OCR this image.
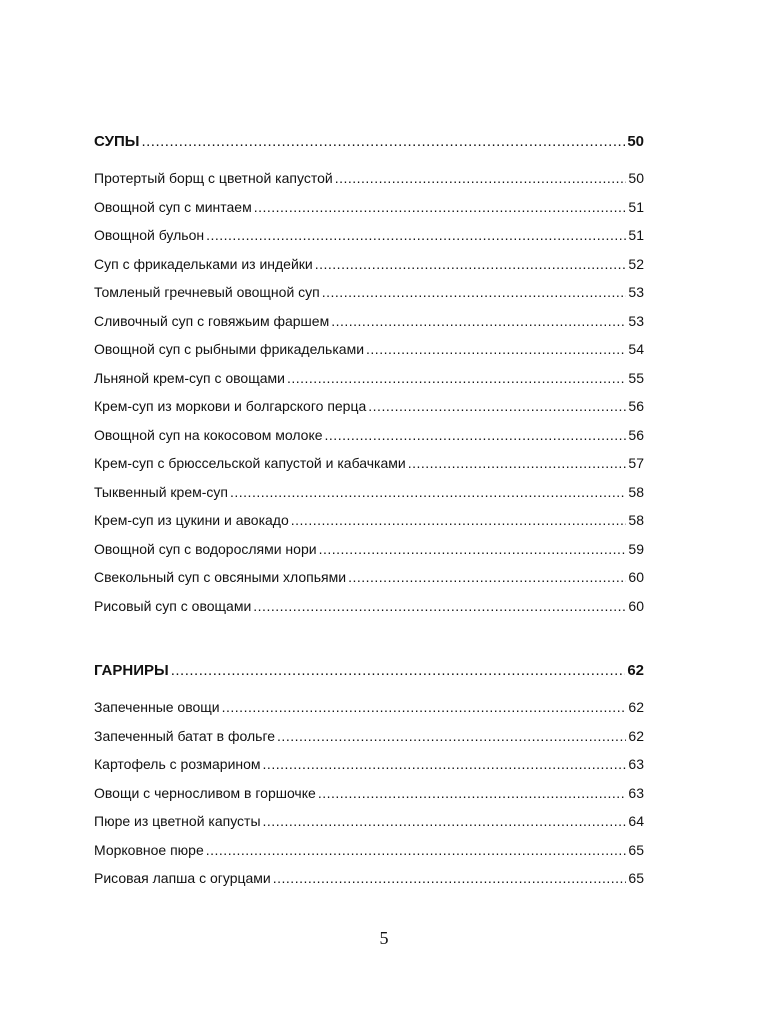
СУПЫ .....	50
Протертый борщ с цветной капустой .....	50
Овощной суп с минтаем .....	51
Овощной бульон .....	51
Суп с фрикадельками из индейки .....	52
Томленый гречневый овощной суп .....	53
Сливочный суп с говяжьим фаршем .....	53
Овощной суп с рыбными фрикадельками .....	54
Льняной крем-суп с овощами .....	55
Крем-суп из моркови и болгарского перца .....	56
Овощной суп на кокосовом молоке .....	56
Крем-суп с брюссельской капустой и кабачками .....	57
Тыквенный крем-суп .....	58
Крем-суп из цукини и авокадо .....	58
Овощной суп с водорослями нори .....	59
Свекольный суп с овсяными хлопьями .....	60
Рисовый суп с овощами .....	60
ГАРНИРЫ .....	62
Запеченные овощи .....	62
Запеченный батат в фольге .....	62
Картофель с розмарином .....	63
Овощи с черносливом в горшочке .....	63
Пюре из цветной капусты .....	64
Морковное пюре .....	65
Рисовая лапша с огурцами .....	65
5
